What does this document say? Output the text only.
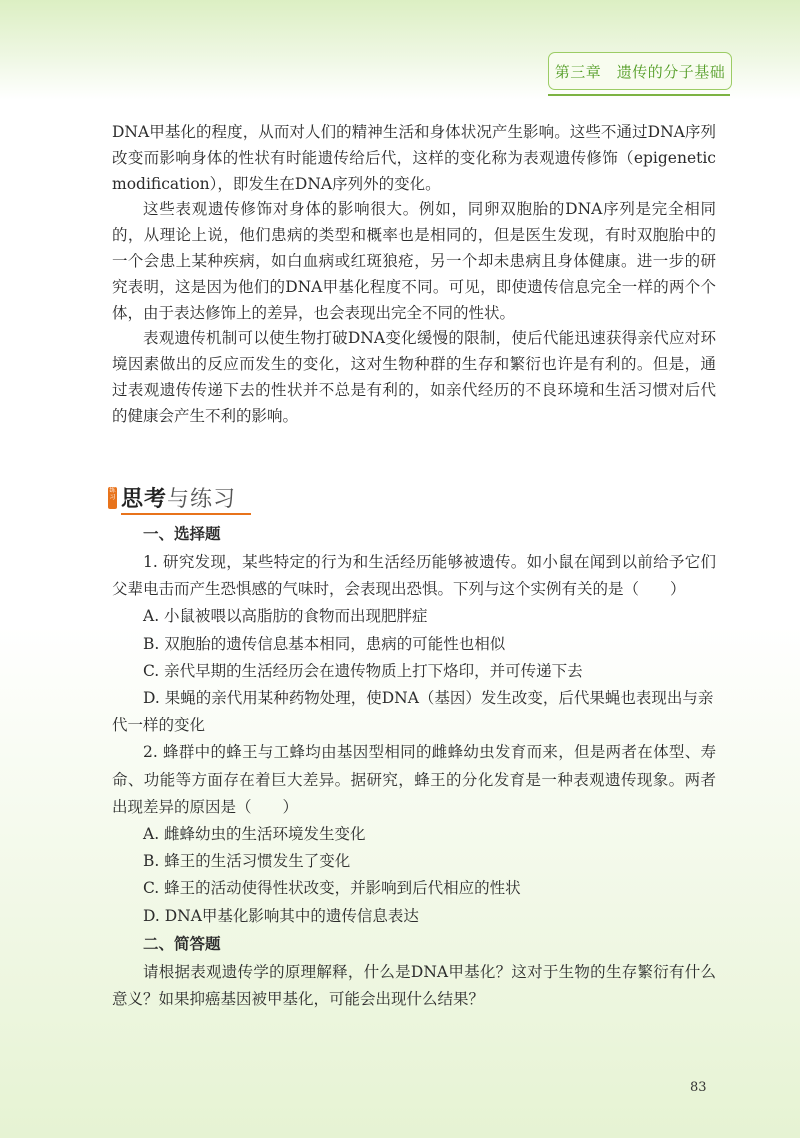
第三章　遗传的分子基础

DNA甲基化的程度，从而对人们的精神生活和身体状况产生影响。这些不通过DNA序列改变而影响身体的性状有时能遗传给后代，这样的变化称为表观遗传修饰（epigenetic modification），即发生在DNA序列外的变化。

这些表观遗传修饰对身体的影响很大。例如，同卵双胞胎的DNA序列是完全相同的，从理论上说，他们患病的类型和概率也是相同的，但是医生发现，有时双胞胎中的一个会患上某种疾病，如白血病或红斑狼疮，另一个却未患病且身体健康。进一步的研究表明，这是因为他们的DNA甲基化程度不同。可见，即使遗传信息完全一样的两个个体，由于表达修饰上的差异，也会表现出完全不同的性状。

表观遗传机制可以使生物打破DNA变化缓慢的限制，使后代能迅速获得亲代应对环境因素做出的反应而发生的变化，这对生物种群的生存和繁衍也许是有利的。但是，通过表观遗传传递下去的性状并不总是有利的，如亲代经历的不良环境和生活习惯对后代的健康会产生不利的影响。

练习 思考与练习

一、选择题

1. 研究发现，某些特定的行为和生活经历能够被遗传。如小鼠在闻到以前给予它们父辈电击而产生恐惧感的气味时，会表现出恐惧。下列与这个实例有关的是（　　）

A. 小鼠被喂以高脂肪的食物而出现肥胖症

B. 双胞胎的遗传信息基本相同，患病的可能性也相似

C. 亲代早期的生活经历会在遗传物质上打下烙印，并可传递下去

D. 果蝇的亲代用某种药物处理，使DNA（基因）发生改变，后代果蝇也表现出与亲代一样的变化

2. 蜂群中的蜂王与工蜂均由基因型相同的雌蜂幼虫发育而来，但是两者在体型、寿命、功能等方面存在着巨大差异。据研究，蜂王的分化发育是一种表观遗传现象。两者出现差异的原因是（　　）

A. 雌蜂幼虫的生活环境发生变化

B. 蜂王的生活习惯发生了变化

C. 蜂王的活动使得性状改变，并影响到后代相应的性状

D. DNA甲基化影响其中的遗传信息表达

二、简答题

请根据表观遗传学的原理解释，什么是DNA甲基化？这对于生物的生存繁衍有什么意义？如果抑癌基因被甲基化，可能会出现什么结果？

83
